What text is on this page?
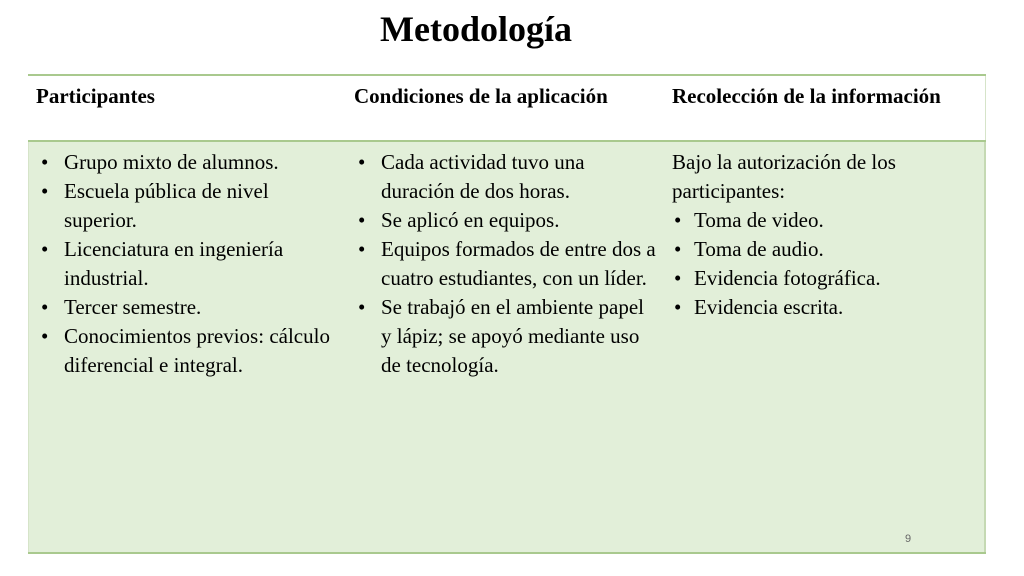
Metodología
Participantes
• Grupo mixto de alumnos.
• Escuela pública de nivel superior.
• Licenciatura en ingeniería industrial.
• Tercer semestre.
• Conocimientos previos: cálculo diferencial e integral.
Condiciones de la aplicación
• Cada actividad tuvo una duración de dos horas.
• Se aplicó en equipos.
• Equipos formados de entre dos a cuatro estudiantes, con un líder.
• Se trabajó en el ambiente papel y lápiz; se apoyó mediante uso de tecnología.
Recolección de la información
Bajo la autorización de los participantes:
• Toma de video.
• Toma de audio.
• Evidencia fotográfica.
• Evidencia escrita.
9
